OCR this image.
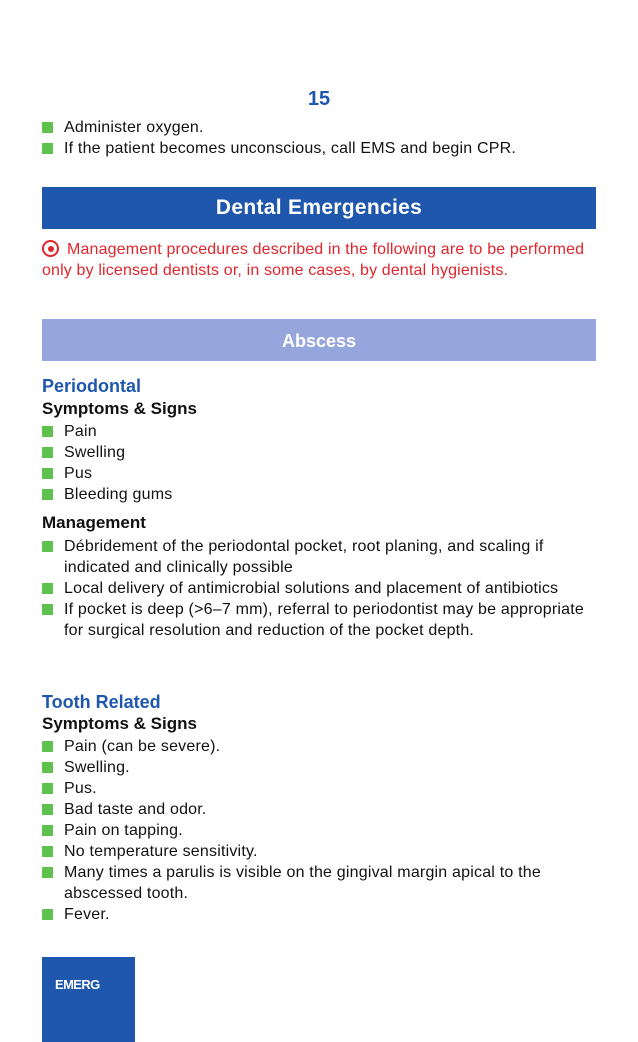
15
Administer oxygen.
If the patient becomes unconscious, call EMS and begin CPR.
Dental Emergencies
Management procedures described in the following are to be performed only by licensed dentists or, in some cases, by dental hygienists.
Abscess
Periodontal
Symptoms & Signs
Pain
Swelling
Pus
Bleeding gums
Management
Débridement of the periodontal pocket, root planing, and scaling if indicated and clinically possible
Local delivery of antimicrobial solutions and placement of antibiotics
If pocket is deep (>6–7 mm), referral to periodontist may be appropriate for surgical resolution and reduction of the pocket depth.
Tooth Related
Symptoms & Signs
Pain (can be severe).
Swelling.
Pus.
Bad taste and odor.
Pain on tapping.
No temperature sensitivity.
Many times a parulis is visible on the gingival margin apical to the abscessed tooth.
Fever.
EMERG
